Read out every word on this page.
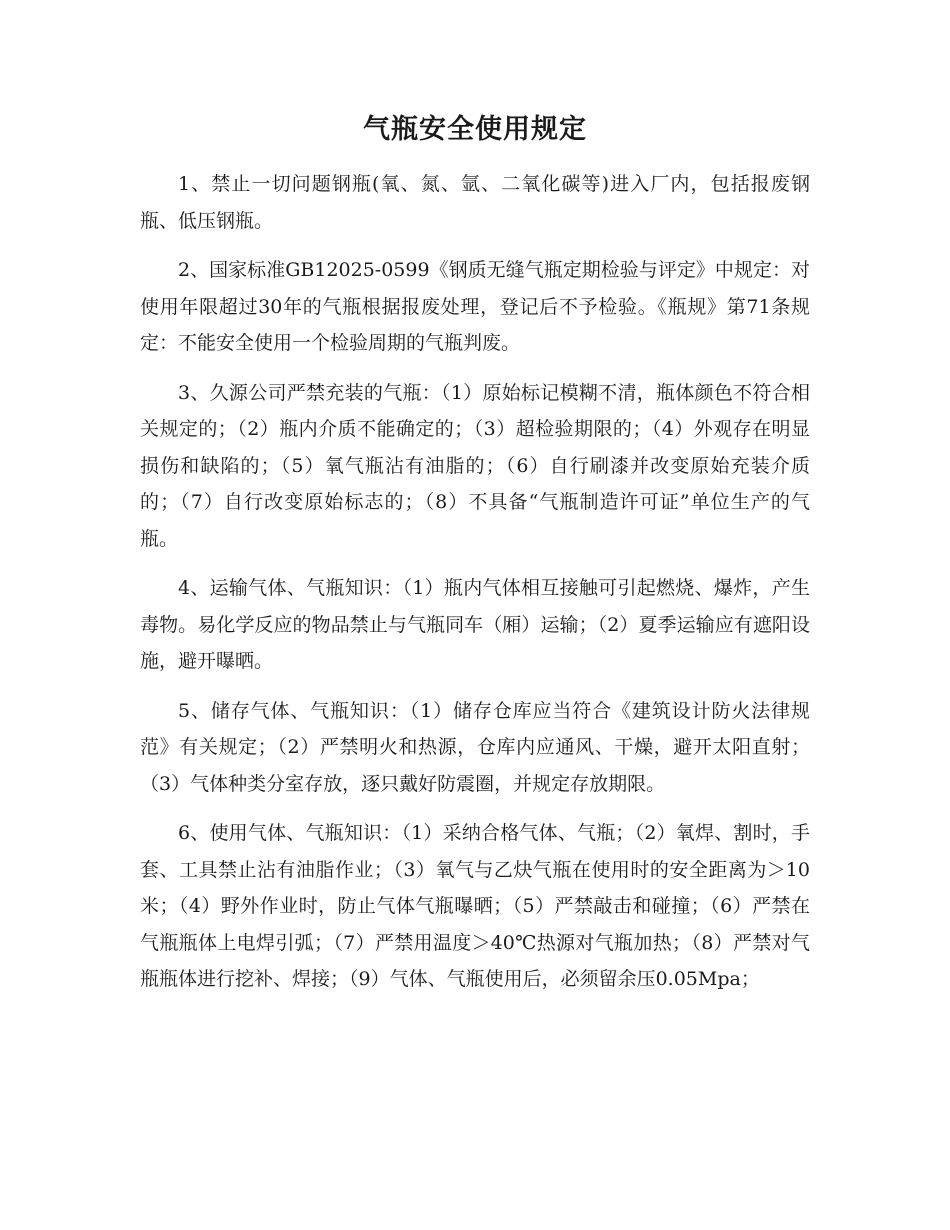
气瓶安全使用规定

1、禁止一切问题钢瓶(氧、氮、氩、二氧化碳等)进入厂内，包括报废钢瓶、低压钢瓶。

2、国家标准GB12025-0599《钢质无缝气瓶定期检验与评定》中规定：对使用年限超过30年的气瓶根据报废处理，登记后不予检验。《瓶规》第71条规定：不能安全使用一个检验周期的气瓶判废。

3、久源公司严禁充装的气瓶：（1）原始标记模糊不清，瓶体颜色不符合相关规定的；（2）瓶内介质不能确定的；（3）超检验期限的；（4）外观存在明显损伤和缺陷的；（5）氧气瓶沾有油脂的；（6）自行刷漆并改变原始充装介质的；（7）自行改变原始标志的；（8）不具备“气瓶制造许可证”单位生产的气瓶。

4、运输气体、气瓶知识：（1）瓶内气体相互接触可引起燃烧、爆炸，产生毒物。易化学反应的物品禁止与气瓶同车（厢）运输；（2）夏季运输应有遮阳设施，避开曝晒。

5、储存气体、气瓶知识：（1）储存仓库应当符合《建筑设计防火法律规范》有关规定；（2）严禁明火和热源，仓库内应通风、干燥，避开太阳直射；（3）气体种类分室存放，逐只戴好防震圈，并规定存放期限。

6、使用气体、气瓶知识：（1）采纳合格气体、气瓶；（2）氧焊、割时，手套、工具禁止沾有油脂作业；（3）氧气与乙炔气瓶在使用时的安全距离为＞10米；（4）野外作业时，防止气体气瓶曝晒；（5）严禁敲击和碰撞；（6）严禁在气瓶瓶体上电焊引弧；（7）严禁用温度＞40℃热源对气瓶加热；（8）严禁对气瓶瓶体进行挖补、焊接；（9）气体、气瓶使用后，必须留余压0.05Mpa；
